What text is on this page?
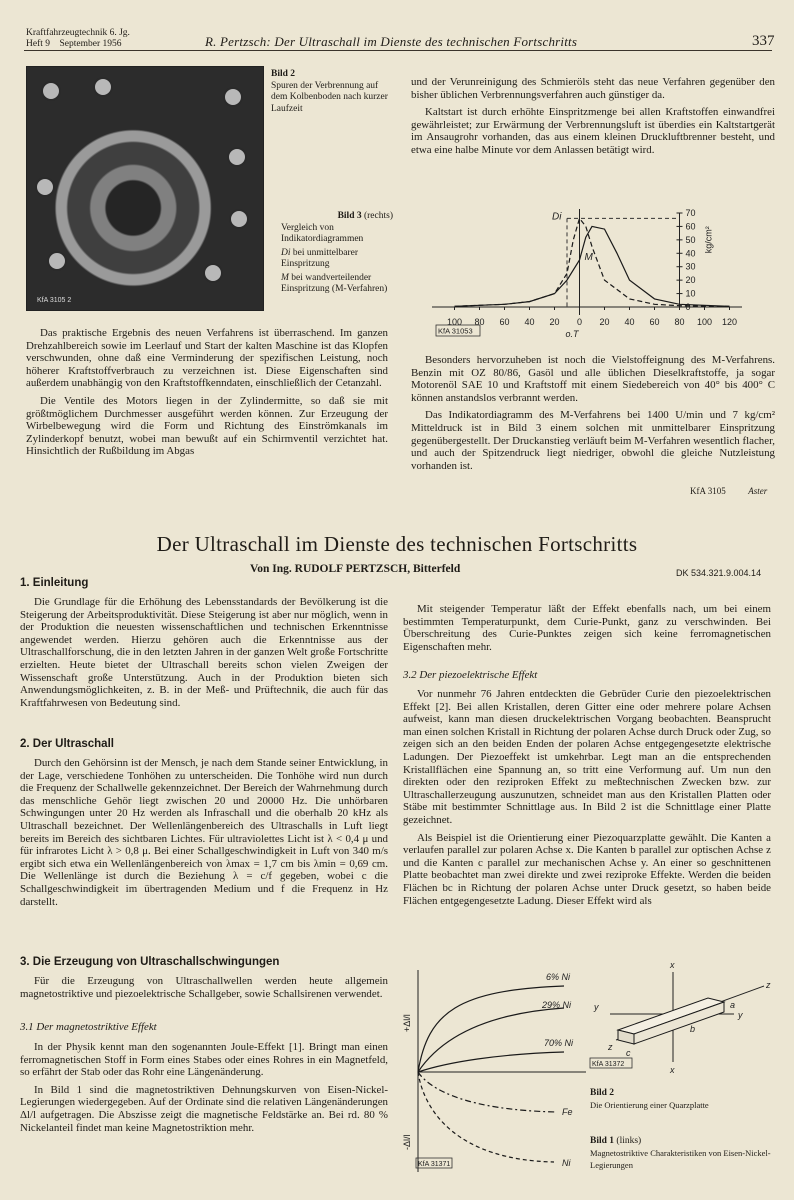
Kraftfahrzeugtechnik 6. Jg.
Heft 9    September 1956	R. Pertzsch: Der Ultraschall im Dienste des technischen Fortschritts	337
KfA 3105 2
Bild 2
Spuren der Verbrennung auf dem Kolbenboden nach kurzer Laufzeit
Bild 3 (rechts)
Vergleich von Indikatordiagrammen
Di bei unmittelbarer Einspritzung
M bei wandverteilender Einspritzung (M-Verfahren)

Das praktische Ergebnis des neuen Verfahrens ist überraschend. Im ganzen Drehzahlbereich sowie im Leerlauf und Start der kalten Maschine ist das Klopfen verschwunden, ohne daß eine Verminderung der spezifischen Leistung, noch höherer Kraftstoffverbrauch zu verzeichnen ist. Diese Eigenschaften sind außerdem unabhängig von den Kraftstoffkenndaten, einschließlich der Cetanzahl.

Die Ventile des Motors liegen in der Zylindermitte, so daß sie mit größtmöglichem Durchmesser ausgeführt werden können. Zur Erzeugung der Wirbelbewegung wird die Form und Richtung des Einströmkanals im Zylinderkopf benutzt, wobei man bewußt auf ein Schirmventil verzichtet hat. Hinsichtlich der Rußbildung im Abgas

und der Verunreinigung des Schmieröls steht das neue Verfahren gegenüber den bisher üblichen Verbrennungsverfahren auch günstiger da.

Kaltstart ist durch erhöhte Einspritzmenge bei allen Kraftstoffen einwandfrei gewährleistet; zur Erwärmung der Verbrennungsluft ist überdies ein Kaltstartgerät im Ansaugrohr vorhanden, das aus einem kleinen Druckluftbrenner besteht, und etwa eine halbe Minute vor dem Anlassen betätigt wird.

0
10
20
30
40
50
60
70
kg/cm²
100 80 60 40 20 0 20 40 60 80 100 120
o.T
Di
M
KfA 31053

Besonders hervorzuheben ist noch die Vielstoffeignung des M-Verfahrens. Benzin mit OZ 80/86, Gasöl und alle üblichen Dieselkraftstoffe, ja sogar Motorenöl SAE 10 und Kraftstoff mit einem Siedebereich von 40° bis 400° C können anstandslos verbrannt werden.

Das Indikatordiagramm des M-Verfahrens bei 1400 U/min und 7 kg/cm² Mitteldruck ist in Bild 3 einem solchen mit unmittelbarer Einspritzung gegenübergestellt. Der Druckanstieg verläuft beim M-Verfahren wesentlich flacher, und auch der Spitzendruck liegt niedriger, obwohl die gleiche Nutzleistung vorhanden ist.

KfA 3105	Aster
Der Ultraschall im Dienste des technischen Fortschritts
Von Ing. RUDOLF PERTZSCH, Bitterfeld	DK 534.321.9.004.14
1. Einleitung

Die Grundlage für die Erhöhung des Lebensstandards der Bevölkerung ist die Steigerung der Arbeitsproduktivität. Diese Steigerung ist aber nur möglich, wenn in der Produktion die neuesten wissenschaftlichen und technischen Erkenntnisse angewendet werden. Hierzu gehören auch die Erkenntnisse aus der Ultraschallforschung, die in den letzten Jahren in der ganzen Welt große Fortschritte erzielten. Heute bietet der Ultraschall bereits schon vielen Zweigen der Wissenschaft große Unterstützung. Auch in der Produktion bieten sich Anwendungsmöglichkeiten, z. B. in der Meß- und Prüftechnik, die auch für das Kraftfahrwesen von Bedeutung sind.

2. Der Ultraschall

Durch den Gehörsinn ist der Mensch, je nach dem Stande seiner Entwicklung, in der Lage, verschiedene Tonhöhen zu unterscheiden. Die Tonhöhe wird nun durch die Frequenz der Schallwelle gekennzeichnet. Der Bereich der Wahrnehmung durch das menschliche Gehör liegt zwischen 20 und 20000 Hz. Die unhörbaren Schwingungen unter 20 Hz werden als Infraschall und die oberhalb 20 kHz als Ultraschall bezeichnet. Der Wellenlängenbereich des Ultraschalls in Luft liegt bereits im Bereich des sichtbaren Lichtes. Für ultraviolettes Licht ist λ < 0,4 μ und für infrarotes Licht λ > 0,8 μ. Bei einer Schallgeschwindigkeit in Luft von 340 m/s ergibt sich etwa ein Wellenlängenbereich von λmax = 1,7 cm bis λmin = 0,69 cm. Die Wellenlänge ist durch die Beziehung λ = c/f gegeben, wobei c die Schallgeschwindigkeit im übertragenden Medium und f die Frequenz in Hz darstellt.

3. Die Erzeugung von Ultraschallschwingungen

Für die Erzeugung von Ultraschallwellen werden heute allgemein magnetostriktive und piezoelektrische Schallgeber, sowie Schallsirenen verwendet.

3.1 Der magnetostriktive Effekt

In der Physik kennt man den sogenannten Joule-Effekt [1]. Bringt man einen ferromagnetischen Stoff in Form eines Stabes oder eines Rohres in ein Magnetfeld, so erfährt der Stab oder das Rohr eine Längenänderung.

In Bild 1 sind die magnetostriktiven Dehnungskurven von Eisen-Nickel-Legierungen wiedergegeben. Auf der Ordinate sind die relativen Längenänderungen Δl/l aufgetragen. Die Abszisse zeigt die magnetische Feldstärke an. Bei rd. 80 % Nickelanteil findet man keine Magnetostriktion mehr.

Mit steigender Temperatur läßt der Effekt ebenfalls nach, um bei einem bestimmten Temperaturpunkt, dem Curie-Punkt, ganz zu verschwinden. Bei Überschreitung des Curie-Punktes zeigen sich keine ferromagnetischen Eigenschaften mehr.

3.2 Der piezoelektrische Effekt

Vor nunmehr 76 Jahren entdeckten die Gebrüder Curie den piezoelektrischen Effekt [2]. Bei allen Kristallen, deren Gitter eine oder mehrere polare Achsen aufweist, kann man diesen druckelektrischen Vorgang beobachten. Beansprucht man einen solchen Kristall in Richtung der polaren Achse durch Druck oder Zug, so zeigen sich an den beiden Enden der polaren Achse entgegengesetzte elektrische Ladungen. Der Piezoeffekt ist umkehrbar. Legt man an die entsprechenden Kristallflächen eine Spannung an, so tritt eine Verformung auf. Um nun den direkten oder den reziproken Effekt zu meßtechnischen Zwecken bzw. zur Ultraschallerzeugung auszunutzen, schneidet man aus den Kristallen Platten oder Stäbe mit bestimmter Schnittlage aus. In Bild 2 ist die Schnittlage einer Platte gezeichnet.

Als Beispiel ist die Orientierung einer Piezoquarzplatte gewählt. Die Kanten a verlaufen parallel zur polaren Achse x. Die Kanten b parallel zur optischen Achse z und die Kanten c parallel zur mechanischen Achse y. An einer so geschnittenen Platte beobachtet man zwei direkte und zwei reziproke Effekte. Werden die beiden Flächen bc in Richtung der polaren Achse unter Druck gesetzt, so haben beide Flächen entgegengesetzte Ladung. Dieser Effekt wird als

+Δl/l
-Δl/l
6% Ni
29% Ni
70% Ni
Fe
Ni
KfA 31371
x
x
y
y
z
z
a
b
c
KfA 31372
Bild 2
Die Orientierung einer Quarzplatte
Bild 1 (links)
Magnetostriktive Charakteristiken von Eisen-Nickel-Legierungen
